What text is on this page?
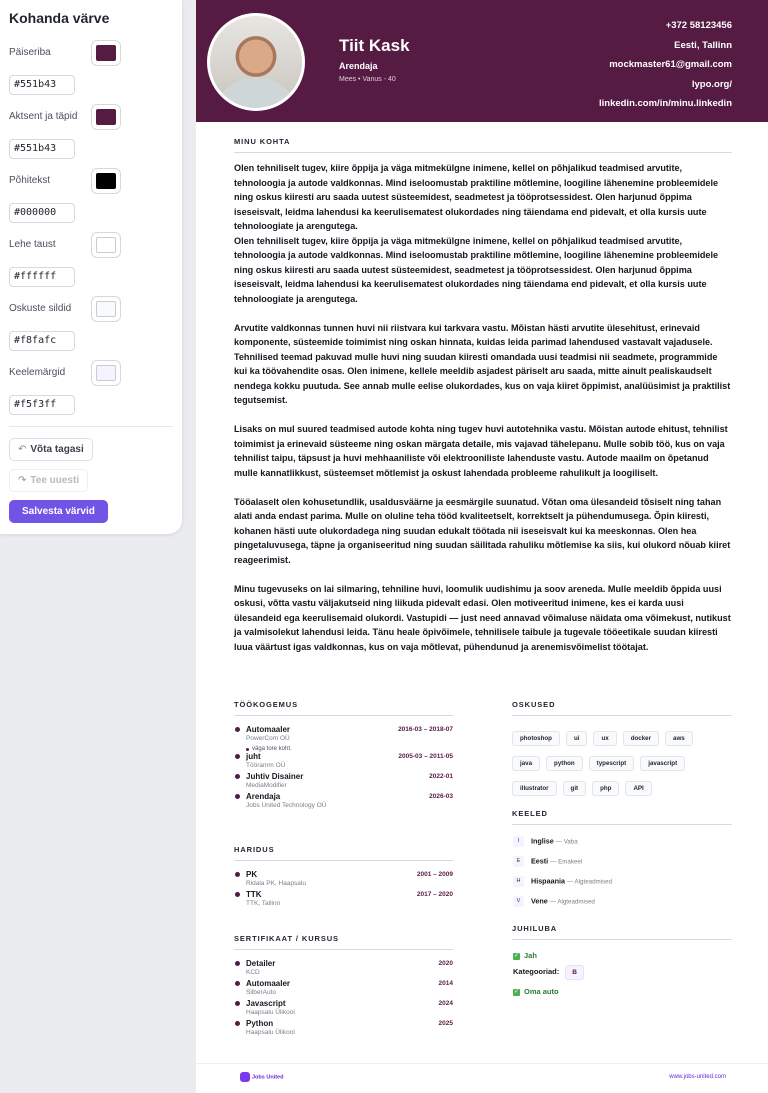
Kohanda värve
Päiseriba
#551b43
Aktsent ja täpid
#551b43
Põhitekst
#000000
Lehe taust
#ffffff
Oskuste sildid
#f8fafc
Keelemärgid
#f5f3ff
↶ Võta tagasi
↷ Tee uuesti
Salvesta värvid
Tiit Kask
Arendaja
Mees • Vanus - 40
+372 58123456
Eesti, Tallinn
mockmaster61@gmail.com
lypo.org/
linkedin.com/in/minu.linkedin
MINU KOHTA

Olen tehniliselt tugev, kiire õppija ja väga mitmekülgne inimene, kellel on põhjalikud teadmised arvutite, tehnoloogia ja autode valdkonnas. Mind iseloomustab praktiline mõtlemine, loogiline lähenemine probleemidele ning oskus kiiresti aru saada uutest süsteemidest, seadmetest ja tööprotsessidest. Olen harjunud õppima iseseisvalt, leidma lahendusi ka keerulisematest olukordades ning täiendama end pidevalt, et olla kursis uute tehnoloogiate ja arengutega.

Olen tehniliselt tugev, kiire õppija ja väga mitmekülgne inimene, kellel on põhjalikud teadmised arvutite, tehnoloogia ja autode valdkonnas. Mind iseloomustab praktiline mõtlemine, loogiline lähenemine probleemidele ning oskus kiiresti aru saada uutest süsteemidest, seadmetest ja tööprotsessidest. Olen harjunud õppima iseseisvalt, leidma lahendusi ka keerulisematest olukordades ning täiendama end pidevalt, et olla kursis uute tehnoloogiate ja arengutega.

Arvutite valdkonnas tunnen huvi nii riistvara kui tarkvara vastu. Mõistan hästi arvutite ülesehitust, erinevaid komponente, süsteemide toimimist ning oskan hinnata, kuidas leida parimad lahendused vastavalt vajadusele. Tehnilised teemad pakuvad mulle huvi ning suudan kiiresti omandada uusi teadmisi nii seadmete, programmide kui ka töövahendite osas. Olen inimene, kellele meeldib asjadest päriselt aru saada, mitte ainult pealiskaudselt nendega kokku puutuda. See annab mulle eelise olukordades, kus on vaja kiiret õppimist, analüüsimist ja praktilist tegutsemist.

Lisaks on mul suured teadmised autode kohta ning tugev huvi autotehnika vastu. Mõistan autode ehitust, tehnilist toimimist ja erinevaid süsteeme ning oskan märgata detaile, mis vajavad tähelepanu. Mulle sobib töö, kus on vaja tehnilist taipu, täpsust ja huvi mehhaaniliste või elektrooniliste lahenduste vastu. Autode maailm on õpetanud mulle kannatlikkust, süsteemset mõtlemist ja oskust lahendada probleeme rahulikult ja loogiliselt.

Tööalaselt olen kohusetundlik, usaldusväärne ja eesmärgile suunatud. Võtan oma ülesandeid tõsiselt ning tahan alati anda endast parima. Mulle on oluline teha tööd kvaliteetselt, korrektselt ja pühendumusega. Õpin kiiresti, kohanen hästi uute olukordadega ning suudan edukalt töötada nii iseseisvalt kui ka meeskonnas. Olen hea pingetaluvusega, täpne ja organiseeritud ning suudan säilitada rahuliku mõtlemise ka siis, kui olukord nõuab kiiret reageerimist.

Minu tugevuseks on lai silmaring, tehniline huvi, loomulik uudishimu ja soov areneda. Mulle meeldib õppida uusi oskusi, võtta vastu väljakutseid ning liikuda pidevalt edasi. Olen motiveeritud inimene, kes ei karda uusi ülesandeid ega keerulisemaid olukordi. Vastupidi — just need annavad võimaluse näidata oma võimekust, nutikust ja valmisolekut lahendusi leida. Tänu heale õpivõimele, tehnilisele taibule ja tugevale tööeetikale suudan kiiresti luua väärtust igas valdkonnas, kus on vaja mõtlevat, pühendunud ja arenemisvõimelist töötajat.

TÖÖKOGEMUS
Automaaler	2016-03 – 2018-07
PowerCom OÜ
väga tore koht.
juht	2005-03 – 2011-05
Tööramm OÜ
Juhtiv Disainer	2022-01
MediaModifier
Arendaja	2026-03
Jobs United Technology OÜ
HARIDUS
PK	2001 – 2009
Ridala PK, Haapsalu
TTK	2017 – 2020
TTK, Tallinn
SERTIFIKAAT / KURSUS
Detailer	2020
KCD
Automaaler	2014
SilberAuto
Javascript	2024
Haapsalu Ülikool
Python	2025
Haapsalu Ülikool
OSKUSED
photoshop	ui	ux	docker	aws
java	python	typescript	javascript
illustrator	git	php	API
KEELED
I Inglise — Vaba
E Eesti — Emakeel
H Hispaania — Algteadmised
V Vene — Algteadmised
JUHILUBA
✓ Jah
Kategooriad: B
✓ Oma auto
Jobs United	www.jobs-united.com
